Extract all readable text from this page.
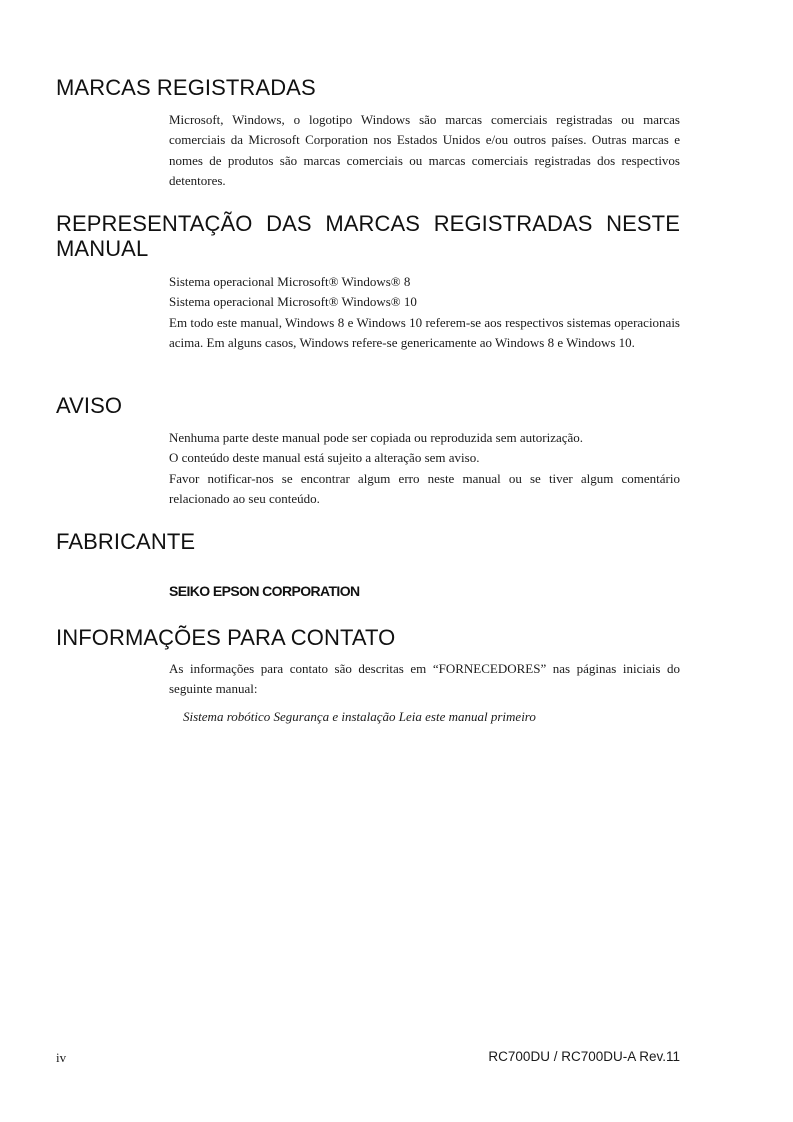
MARCAS REGISTRADAS

Microsoft, Windows, o logotipo Windows são marcas comerciais registradas ou marcas comerciais da Microsoft Corporation nos Estados Unidos e/ou outros países. Outras marcas e nomes de produtos são marcas comerciais ou marcas comerciais registradas dos respectivos detentores.

REPRESENTAÇÃO DAS MARCAS REGISTRADAS NESTE
MANUAL

Sistema operacional Microsoft® Windows® 8

Sistema operacional Microsoft® Windows® 10

Em todo este manual, Windows 8 e Windows 10 referem-se aos respectivos sistemas operacionais acima. Em alguns casos, Windows refere-se genericamente ao Windows 8 e Windows 10.

AVISO

Nenhuma parte deste manual pode ser copiada ou reproduzida sem autorização.

O conteúdo deste manual está sujeito a alteração sem aviso.

Favor notificar-nos se encontrar algum erro neste manual ou se tiver algum comentário relacionado ao seu conteúdo.

FABRICANTE
SEIKO EPSON CORPORATION
INFORMAÇÕES PARA CONTATO

As informações para contato são descritas em “FORNECEDORES” nas páginas iniciais do seguinte manual:

Sistema robótico Segurança e instalação Leia este manual primeiro
iv	RC700DU / RC700DU-A Rev.11
